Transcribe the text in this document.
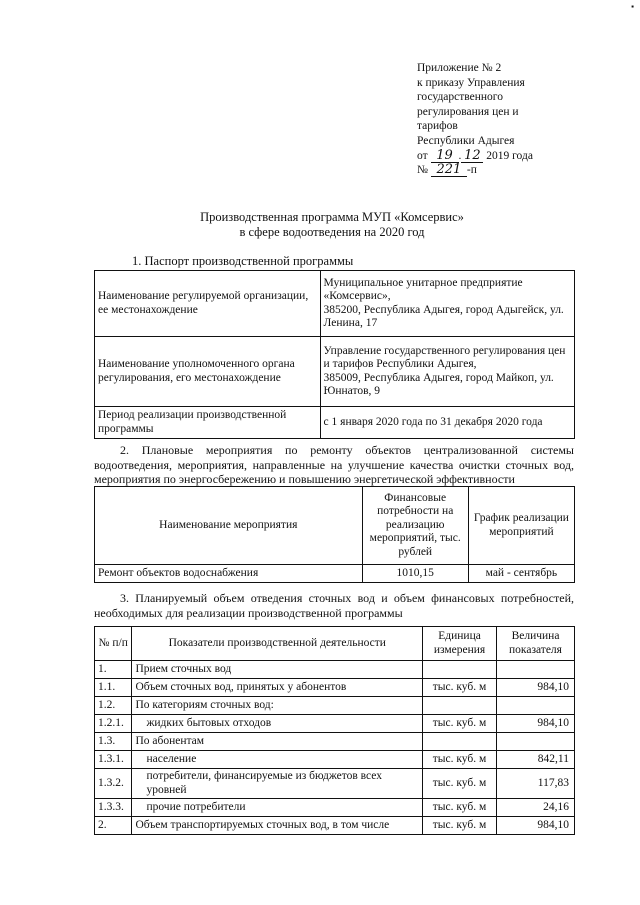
▪
Приложение № 2
к приказу Управления
государственного
регулирования цен и
тарифов
Республики Адыгея
от 19 . 12 2019 года
№ 221 -п
Производственная программа МУП «Комсервис»
в сфере водоотведения на 2020 год
1. Паспорт производственной программы
Наименование регулируемой организации, ее местонахождение	Муниципальное унитарное предприятие «Комсервис»,
385200, Республика Адыгея, город Адыгейск, ул. Ленина, 17

Наименование уполномоченного органа регулирования, его местонахождение	Управление государственного регулирования цен и тарифов Республики Адыгея,
385009, Республика Адыгея, город Майкоп, ул. Юннатов, 9

Период реализации производственной программы	с 1 января 2020 года по 31 декабря 2020 года
2. Плановые мероприятия по ремонту объектов централизованной системы водоотведения, мероприятия, направленные на улучшение качества очистки сточных вод, мероприятия по энергосбережению и повышению энергетической эффективности
Наименование мероприятия	Финансовые потребности на реализацию мероприятий, тыс. рублей	График реализации мероприятий
Ремонт объектов водоснабжения	1010,15	май - сентябрь
3. Планируемый объем отведения сточных вод и объем финансовых потребностей, необходимых для реализации производственной программы
№ п/п	Показатели производственной деятельности	Единица измерения	Величина показателя
1.	Прием сточных вод		
1.1.	Объем сточных вод, принятых у абонентов	тыс. куб. м	984,10
1.2.	По категориям сточных вод:		
1.2.1.	жидких бытовых отходов	тыс. куб. м	984,10
1.3.	По абонентам		
1.3.1.	население	тыс. куб. м	842,11
1.3.2.	потребители, финансируемые из бюджетов всех уровней	тыс. куб. м	117,83
1.3.3.	прочие потребители	тыс. куб. м	24,16
2.	Объем транспортируемых сточных вод, в том числе	тыс. куб. м	984,10
